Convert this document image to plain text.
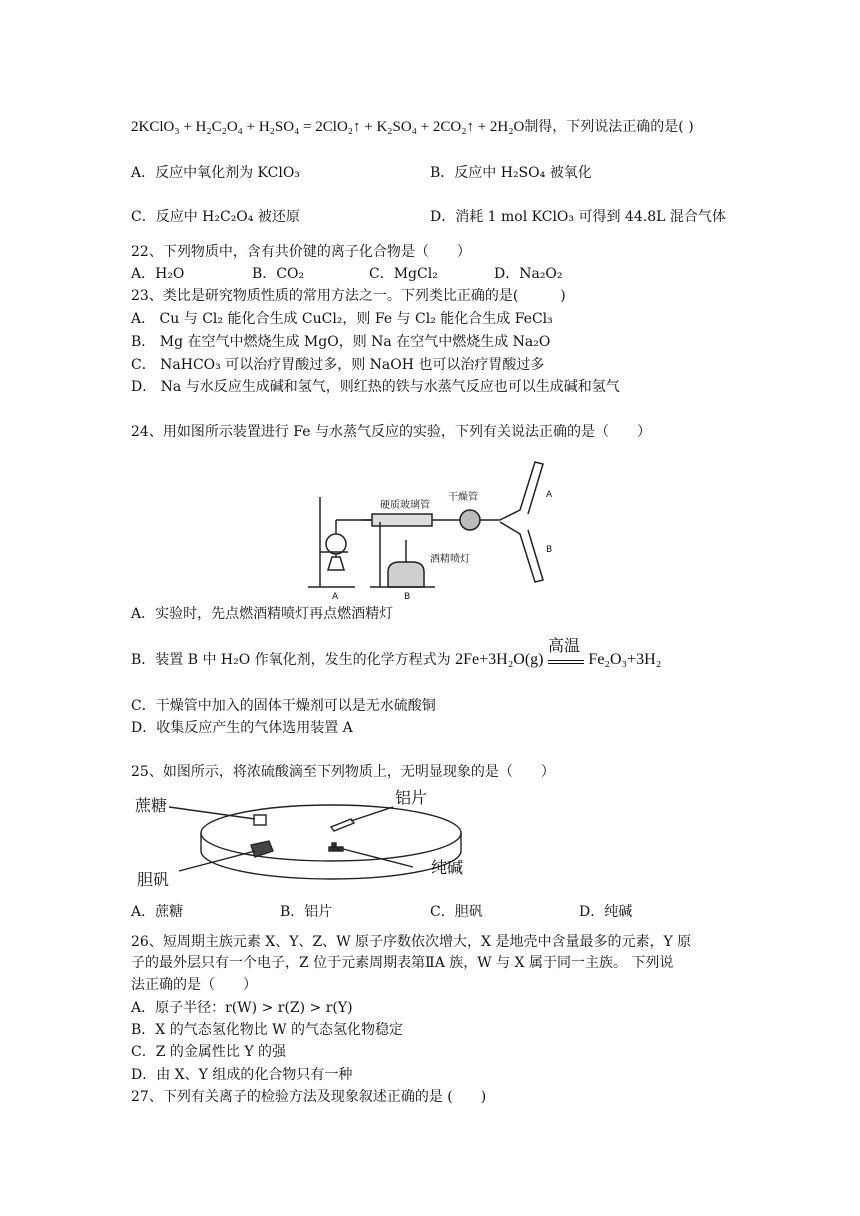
2KClO₃ + H₂C₂O₄ + H₂SO₄ = 2ClO₂↑ + K₂SO₄ + 2CO₂↑ + 2H₂O制得，下列说法正确的是( )
A．反应中氧化剂为 KClO₃	B．反应中 H₂SO₄ 被氧化
C．反应中 H₂C₂O₄ 被还原	D．消耗 1 mol KClO₃ 可得到 44.8L 混合气体
22、下列物质中，含有共价键的离子化合物是（　　）
A．H₂O	B．CO₂	C．MgCl₂	D．Na₂O₂
23、类比是研究物质性质的常用方法之一。下列类比正确的是(　　　)
A． Cu 与 Cl₂ 能化合生成 CuCl₂，则 Fe 与 Cl₂ 能化合生成 FeCl₃
B． Mg 在空气中燃烧生成 MgO，则 Na 在空气中燃烧生成 Na₂O
C． NaHCO₃ 可以治疗胃酸过多，则 NaOH 也可以治疗胃酸过多
D． Na 与水反应生成碱和氢气，则红热的铁与水蒸气反应也可以生成碱和氢气
24、用如图所示装置进行 Fe 与水蒸气反应的实验，下列有关说法正确的是（　　）
硬质玻璃管
干燥管
酒精喷灯
A	B
A
B
A．实验时，先点燃酒精喷灯再点燃酒精灯
B．装置 B 中 H₂O 作氧化剂，发生的化学方程式为 2Fe+3H₂O(g)
高温
Fe₂O₃+3H₂
C．干燥管中加入的固体干燥剂可以是无水硫酸铜
D．收集反应产生的气体选用装置 A
25、如图所示，将浓硫酸滴至下列物质上，无明显现象的是（　　）
蔗糖	铝片
胆矾
纯碱
A．蔗糖	B．铝片	C．胆矾	D．纯碱
26、短周期主族元素 X、Y、Z、W 原子序数依次增大，X 是地壳中含量最多的元素，Y 原
子的最外层只有一个电子，Z 位于元素周期表第ⅡA 族，W 与 X 属于同一主族。 下列说
法正确的是（　　）
A．原子半径：r(W) > r(Z) > r(Y)
B．X 的气态氢化物比 W 的气态氢化物稳定
C．Z 的金属性比 Y 的强
D．由 X、Y 组成的化合物只有一种
27、下列有关离子的检验方法及现象叙述正确的是 (　　)
